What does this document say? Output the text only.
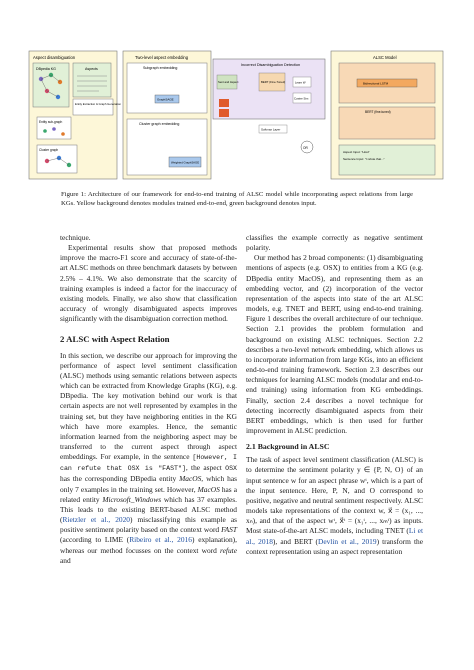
Aspect disambiguation
DBpedia KG	Aspects
Entity Extraction & Graph Generation
Entity sub-graph
Cluster graph
Two-level aspect embedding
Subgraph embedding
GraphSAGE
Cluster graph embedding
Weighted GraphSAGE
Incorrect Disambiguation Detection
Sent and Aspect	BERT (Fine-Tuned)	Learn W
Cosine Sim
ALSC Model
Bidirectional LSTM
BERT (fine-tuned)
Aspect Input: "Host"
Sentence Input: "I refute that..."
Softmax Layer
OR
Figure 1: Architecture of our framework for end-to-end training of ALSC model while incorporating aspect relations from large KGs. Yellow background denotes modules trained end-to-end, green background denotes input.

technique.

Experimental results show that proposed methods improve the macro-F1 score and accuracy of state-of-the-art ALSC methods on three benchmark datasets by between 2.5% – 4.1%. We also demonstrate that the scarcity of training examples is indeed a factor for the inaccuracy of existing models. Finally, we also show that classification accuracy of wrongly disambiguated aspects improves significantly with the disambiguation correction method.

2 ALSC with Aspect Relation

In this section, we describe our approach for improving the performance of aspect level sentiment classification (ALSC) methods using semantic relations between aspects which can be extracted from Knowledge Graphs (KG), e.g. DBpedia. The key motivation behind our work is that certain aspects are not well represented by examples in the training set, but they have neighboring entities in the KG which have more examples. Hence, the semantic information learned from the neighboring aspect may be transferred to the current aspect through aspect embeddings. For example, in the sentence [However, I can refute that OSX is "FAST"], the aspect OSX has the corresponding DBpedia entity MacOS, which has only 7 examples in the training set. However, MacOS has a related entity Microsoft_Windows which has 37 examples. This leads to the existing BERT-based ALSC method (Rietzler et al., 2020) misclassifying this example as positive sentiment polarity based on the context word FAST (according to LIME (Ribeiro et al., 2016) explanation), whereas our method focusses on the context word refute and

classifies the example correctly as negative sentiment polarity.

Our method has 2 broad components: (1) disambiguating mentions of aspects (e.g. OSX) to entities from a KG (e.g. DBpedia entity MacOS), and representing them as an embedding vector, and (2) incorporation of the vector representation of the aspects into state of the art ALSC models, e.g. TNET and BERT, using end-to-end training. Figure 1 describes the overall architecture of our technique. Section 2.1 provides the problem formulation and background on existing ALSC techniques. Section 2.2 describes a two-level network embedding, which allows us to incorporate information from large KGs, into an efficient end-to-end training framework. Section 2.3 describes our techniques for learning ALSC models (modular and end-to-end training) using information from KG embeddings. Finally, section 2.4 describes a novel technique for detecting incorrectly disambiguated aspects from their BERT embeddings, which is then used for further improvement in ALSC prediction.

2.1 Background in ALSC

The task of aspect level sentiment classification (ALSC) is to determine the sentiment polarity y ∈ {P, N, O} of an input sentence w for an aspect phrase wᵗ, which is a part of the input sentence. Here, P, N, and O correspond to positive, negative and neutral sentiment respectively. ALSC models take representations of the context w, x⃗ = (x₁, ..., xₙ), and that of the aspect wᵗ, x⃗ᵗ = (x₁ᵗ, ..., xₘᵗ) as inputs. Most state-of-the-art ALSC models, including TNET (Li et al., 2018), and BERT (Devlin et al., 2019) transform the context representation using an aspect representation
